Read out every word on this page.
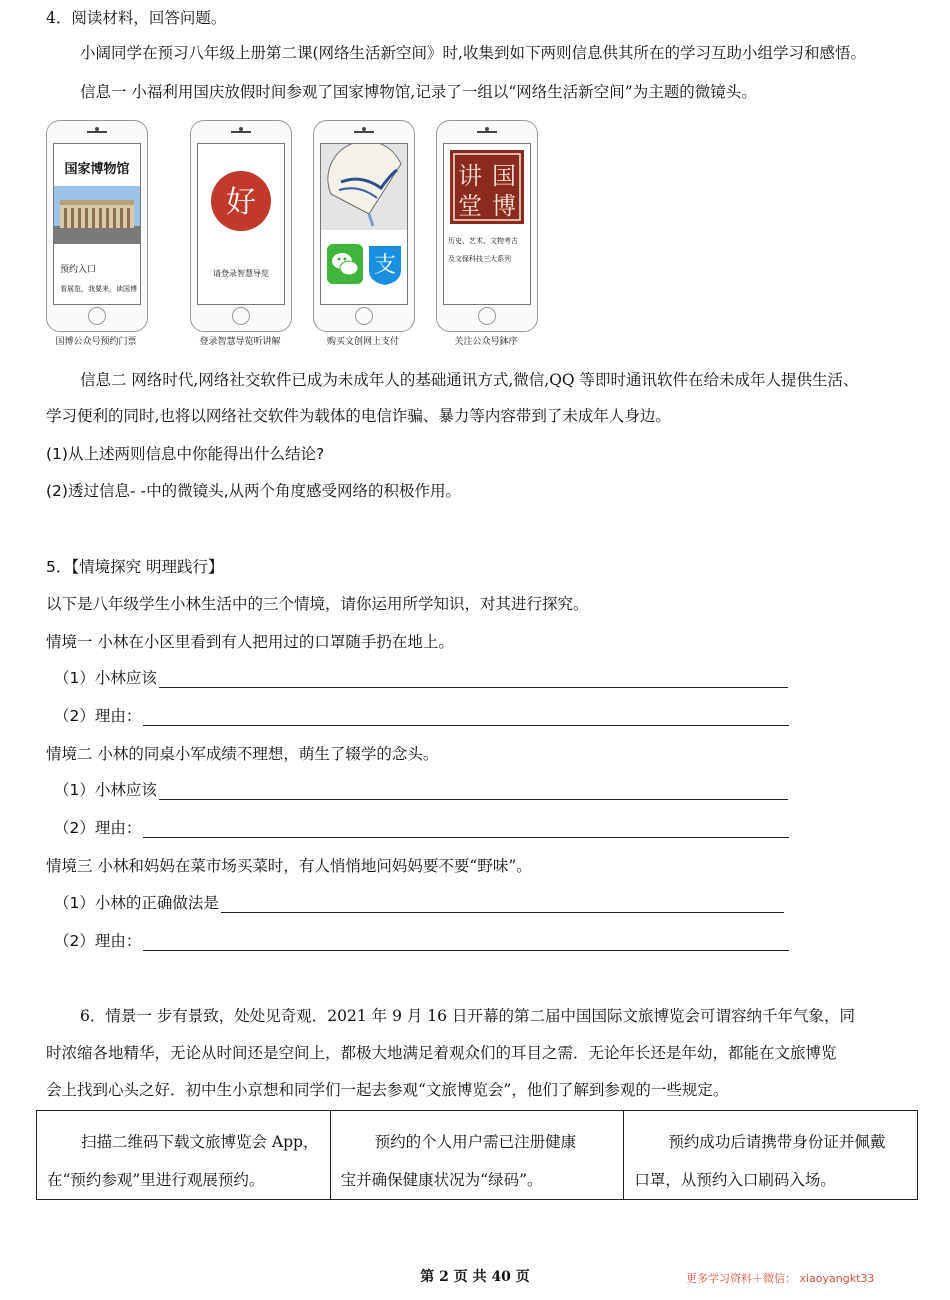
4．阅读材料，回答问题。
小阔同学在预习八年级上册第二课(网络生活新空间》时,收集到如下两则信息供其所在的学习互助小组学习和感悟。
信息一 小福利用国庆放假时间参观了国家博物馆,记录了一组以“网络生活新空间”为主题的微镜头。
国家博物馆
预约入口
看展览，我要来，读国博
国博公众号预约门票
好
请登录智慧导览
登录智慧导览听讲解
支
购买文创网上支付
讲 国
堂 博
历史、艺术、文物考古
及文保科技三大系列
关注公众号鉢序
信息二 网络时代,网络社交软件已成为未成年人的基础通讯方式,微信,QQ 等即时通讯软件在给未成年人提供生活、
学习便利的同时,也将以网络社交软件为载体的电信诈骗、暴力等内容带到了未成年人身边。
(1)从上述两则信息中你能得出什么结论?
(2)透过信息- -中的微镜头,从两个角度感受网络的积极作用。
5．【情境探究 明理践行】
以下是八年级学生小林生活中的三个情境，请你运用所学知识，对其进行探究。
情境一 小林在小区里看到有人把用过的口罩随手扔在地上。
（1）小林应该
（2）理由：
情境二 小林的同桌小军成绩不理想，萌生了辍学的念头。
（1）小林应该
（2）理由：
情境三 小林和妈妈在菜市场买菜时，有人悄悄地问妈妈要不要“野味”。
（1）小林的正确做法是
（2）理由：
6．情景一 步有景致，处处见奇观．2021 年 9 月 16 日开幕的第二届中国国际文旅博览会可谓容纳千年气象，同
时浓缩各地精华，无论从时间还是空间上，都极大地满足着观众们的耳目之需．无论年长还是年幼，都能在文旅博览
会上找到心头之好．初中生小京想和同学们一起去参观“文旅博览会”，他们了解到参观的一些规定。
扫描二维码下载文旅博览会 App，
在“预约参观”里进行观展预约。

预约的个人用户需已注册健康
宝并确保健康状况为“绿码”。

预约成功后请携带身份证并佩戴
口罩，从预约入口刷码入场。
第 2 页 共 40 页	更多学习资料＋微信： xiaoyangkt33
